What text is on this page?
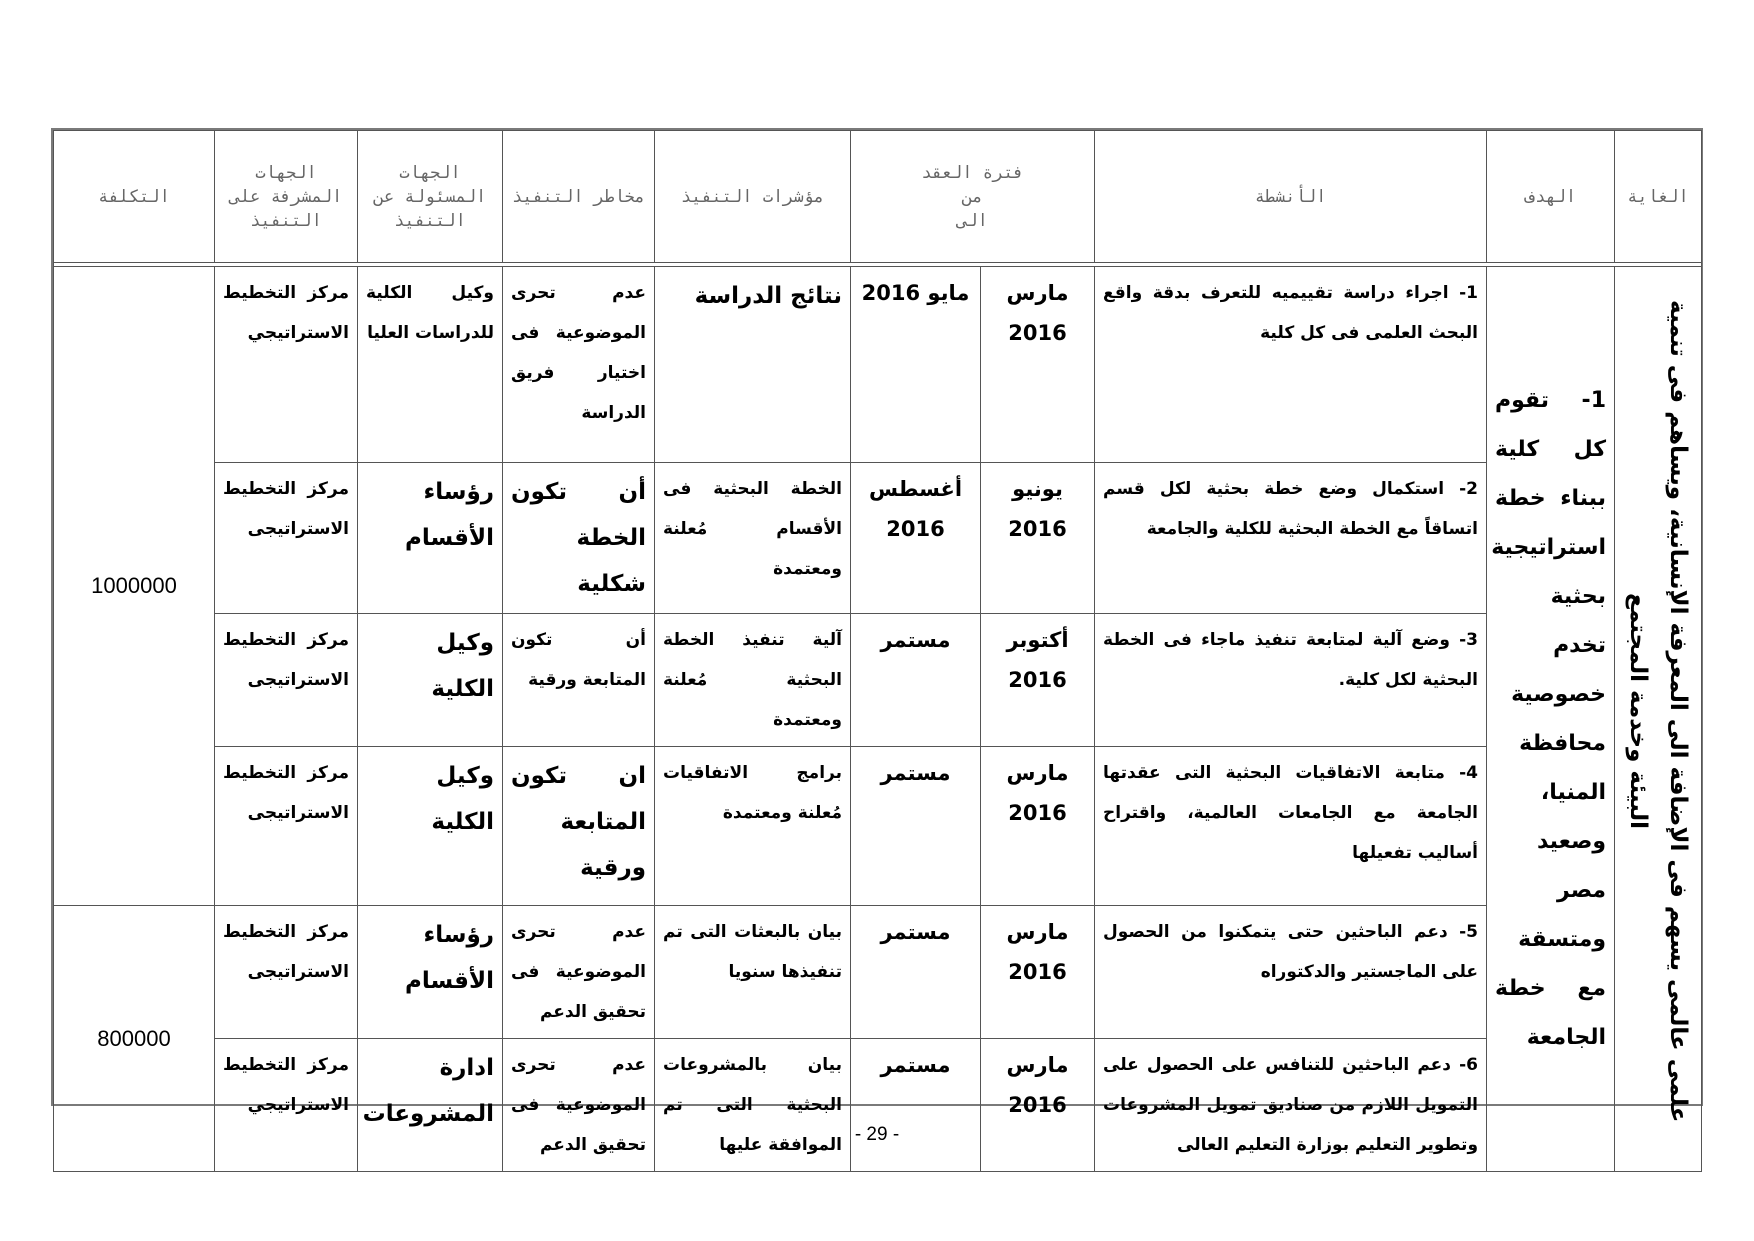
الغاية	الهدف	الأنشطة	فترة العقد
من
الى		مؤشرات التنفيذ	مخاطر التنفيذ	الجهات المسئولة عن التنفيذ	الجهات المشرفة على التنفيذ	التكلفة

علمى عالمى يسهم فى الإضافة الى المعرفة الإنسانية، ويساهم فى تنمية البيئة وخدمة المجتمع	1- تقوم كل كلية ببناء خطة استراتيجية بحثية تخدم خصوصية محافظة المنيا، وصعيد مصر ومتسقة مع خطة الجامعة	1- اجراء دراسة تقييميه للتعرف بدقة واقع البحث العلمى فى كل كلية	مارس 2016	مايو 2016	نتائج الدراسة	عدم تحرى الموضوعية فى اختيار فريق الدراسة	وكيل الكلية للدراسات العليا	مركز التخطيط الاستراتيجي	1000000
		2- استكمال وضع خطة بحثية لكل قسم اتساقاً مع الخطة البحثية للكلية والجامعة	يونيو 2016	أغسطس 2016	الخطة البحثية فى الأقسام مُعلنة ومعتمدة	أن تكون الخطة شكلية	رؤساء الأقسام	مركز التخطيط الاستراتيجى	
		3- وضع آلية لمتابعة تنفيذ ماجاء فى الخطة البحثية لكل كلية.	أكتوبر 2016	مستمر	آلية تنفيذ الخطة البحثية مُعلنة ومعتمدة	أن تكون المتابعة ورقية	وكيل الكلية	مركز التخطيط الاستراتيجى	
		4- متابعة الاتفاقيات البحثية التى عقدتها الجامعة مع الجامعات العالمية، واقتراح أساليب تفعيلها	مارس 2016	مستمر	برامج الاتفاقيات مُعلنة ومعتمدة	ان تكون المتابعة ورقية	وكيل الكلية	مركز التخطيط الاستراتيجى	
		5- دعم الباحثين حتى يتمكنوا من الحصول على الماجستير والدكتوراه	مارس 2016	مستمر	بيان بالبعثات التى تم تنفيذها سنويا	عدم تحرى الموضوعية فى تحقيق الدعم	رؤساء الأقسام	مركز التخطيط الاستراتيجى	800000
		6- دعم الباحثين للتنافس على الحصول على التمويل اللازم من صناديق تمويل المشروعات وتطوير التعليم بوزارة التعليم العالى	مارس 2016	مستمر	بيان بالمشروعات البحثية التى تم الموافقة عليها	عدم تحرى الموضوعية فى تحقيق الدعم	ادارة المشروعات	مركز التخطيط الاستراتيجي	
- 29 -
